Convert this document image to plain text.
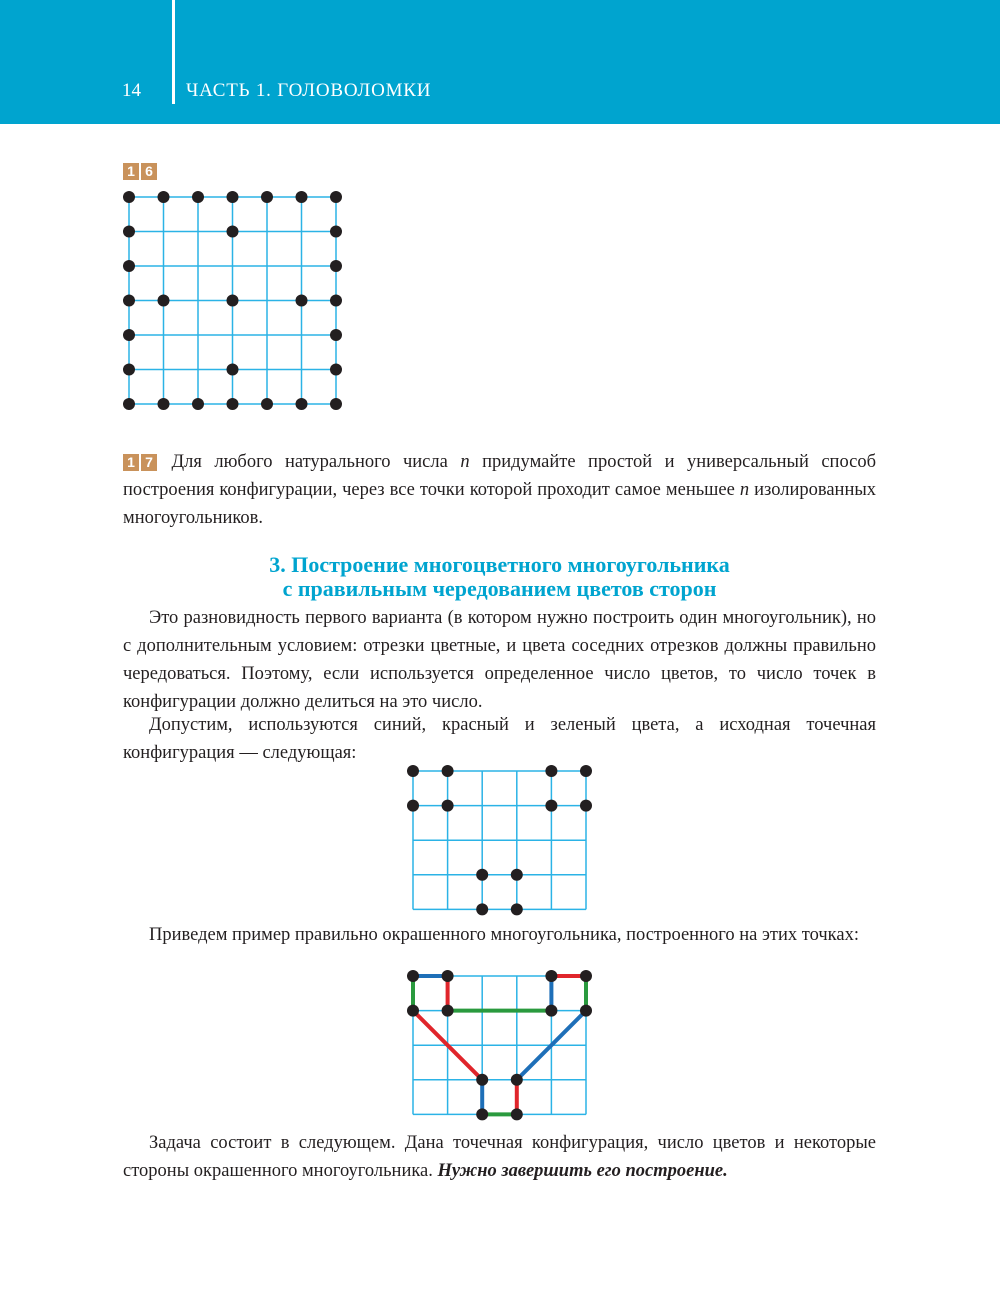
14 ЧАСТЬ 1. ГОЛОВОЛОМКИ
1 6
1 7 Для любого натурального числа n придумайте простой и универсальный способ построения конфигурации, через все точки которой проходит самое меньшее n изолированных многоугольников.
3. Построение многоцветного многоугольника
с правильным чередованием цветов сторон
Это разновидность первого варианта (в котором нужно построить один многоугольник), но с дополнительным условием: отрезки цветные, и цвета соседних отрезков должны правильно чередоваться. Поэтому, если используется определенное число цветов, то число точек в конфигурации должно делиться на это число.
Допустим, используются синий, красный и зеленый цвета, а исходная точечная конфигурация — следующая:
Приведем пример правильно окрашенного многоугольника, построенного на этих точках:
Задача состоит в следующем. Дана точечная конфигурация, число цветов и некоторые стороны окрашенного многоугольника. Нужно завершить его построение.
